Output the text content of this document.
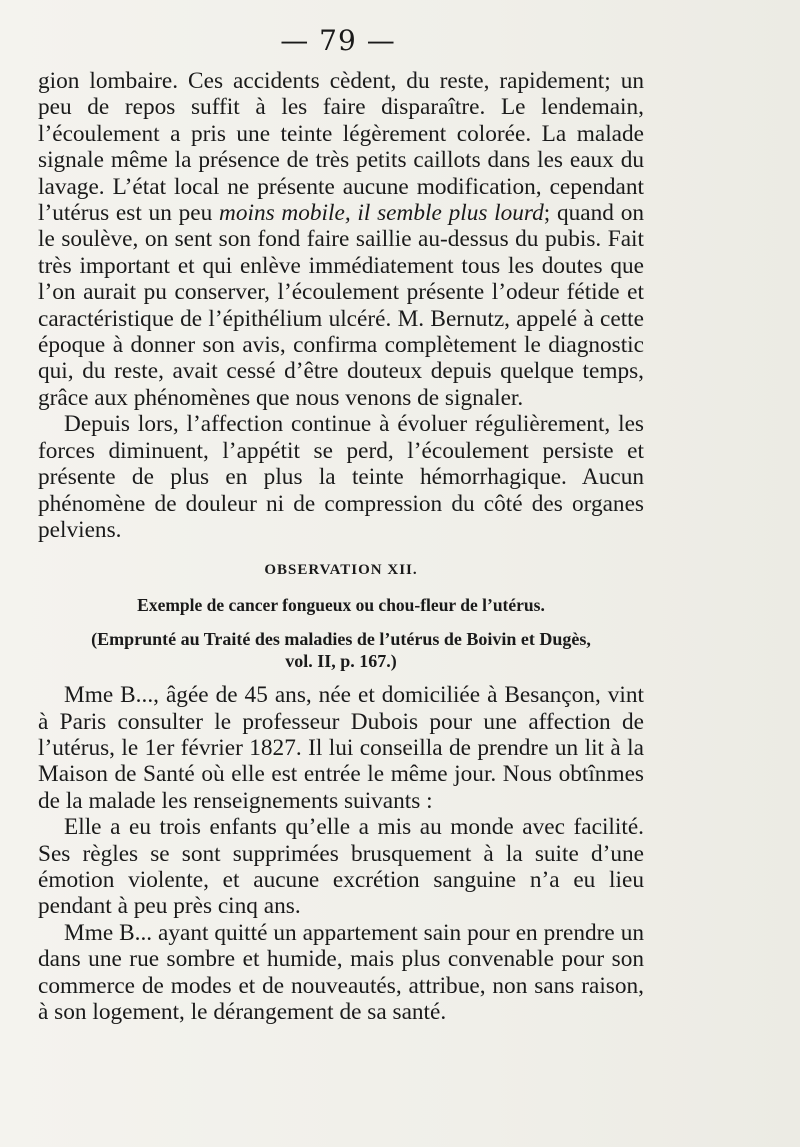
— 79 —

gion lombaire. Ces accidents cèdent, du reste, rapidement; un peu de repos suffit à les faire disparaître. Le lendemain, l’écoulement a pris une teinte légèrement colorée. La malade signale même la présence de très petits caillots dans les eaux du lavage. L’état local ne présente aucune modification, cependant l’utérus est un peu moins mobile, il semble plus lourd; quand on le soulève, on sent son fond faire saillie au-dessus du pubis. Fait très important et qui enlève immédiatement tous les doutes que l’on aurait pu conserver, l’écoulement présente l’odeur fétide et caractéristique de l’épithélium ulcéré. M. Bernutz, appelé à cette époque à donner son avis, confirma complètement le diagnostic qui, du reste, avait cessé d’être douteux depuis quelque temps, grâce aux phénomènes que nous venons de signaler.

Depuis lors, l’affection continue à évoluer régulièrement, les forces diminuent, l’appétit se perd, l’écoulement persiste et présente de plus en plus la teinte hémorrhagique. Aucun phénomène de douleur ni de compression du côté des organes pelviens.

OBSERVATION XII.
Exemple de cancer fongueux ou chou-fleur de l’utérus.
(Emprunté au Traité des maladies de l’utérus de Boivin et Dugès,
vol. II, p. 167.)

Mme B..., âgée de 45 ans, née et domiciliée à Besançon, vint à Paris consulter le professeur Dubois pour une affection de l’utérus, le 1er février 1827. Il lui conseilla de prendre un lit à la Maison de Santé où elle est entrée le même jour. Nous obtînmes de la malade les renseignements suivants :

Elle a eu trois enfants qu’elle a mis au monde avec facilité. Ses règles se sont supprimées brusquement à la suite d’une émotion violente, et aucune excrétion sanguine n’a eu lieu pendant à peu près cinq ans.

Mme B... ayant quitté un appartement sain pour en prendre un dans une rue sombre et humide, mais plus convenable pour son commerce de modes et de nouveautés, attribue, non sans raison, à son logement, le dérangement de sa santé.
